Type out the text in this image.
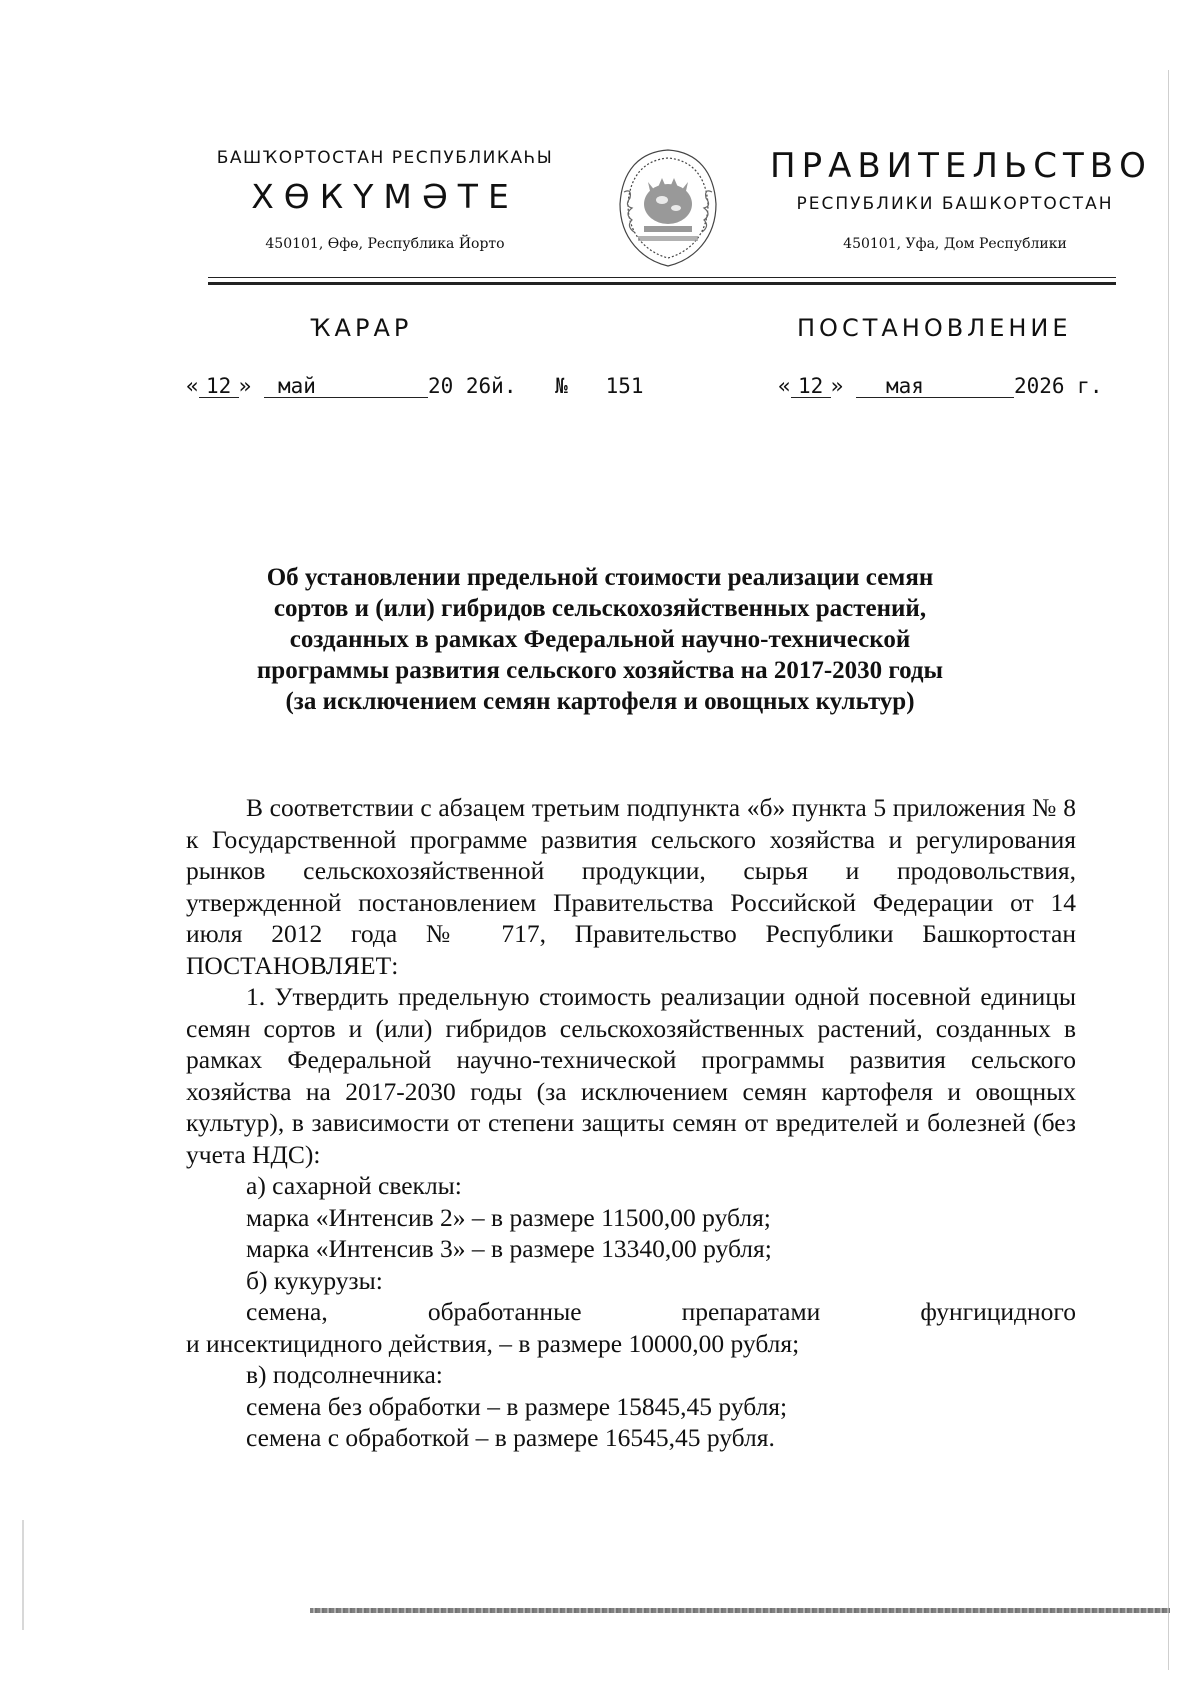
БАШҠОРТОСТАН РЕСПУБЛИКАҺЫ
ХӨКҮМӘТЕ
450101, Өфө, Республика Йорто
ПРАВИТЕЛЬСТВО
РЕСПУБЛИКИ БАШКОРТОСТАН
450101, Уфа, Дом Республики
ҠАРАР	ПОСТАНОВЛЕНИЕ
« 12 » май	20 26й. № 151	« 12 » мая	2026 г.
Об установлении предельной стоимости реализации семян
сортов и (или) гибридов сельскохозяйственных растений,
созданных в рамках Федеральной научно-технической
программы развития сельского хозяйства на 2017-2030 годы
(за исключением семян картофеля и овощных культур)

В соответствии с абзацем третьим подпункта «б» пункта 5 приложения № 8 к Государственной программе развития сельского хозяйства и регулирования рынков сельскохозяйственной продукции, сырья и продовольствия, утвержденной постановлением Правительства Российской Федерации от 14 июля 2012 года № 717, Правительство Республики Башкортостан ПОСТАНОВЛЯЕТ:

1. Утвердить предельную стоимость реализации одной посевной единицы семян сортов и (или) гибридов сельскохозяйственных растений, созданных в рамках Федеральной научно-технической программы развития сельского хозяйства на 2017-2030 годы (за исключением семян картофеля и овощных культур), в зависимости от степени защиты семян от вредителей и болезней (без учета НДС):

а) сахарной свеклы:

марка «Интенсив 2» – в размере 11500,00 рубля;

марка «Интенсив 3» – в размере 13340,00 рубля;

б) кукурузы:

семена, обработанные препаратами фунгицидного

и инсектицидного действия, – в размере 10000,00 рубля;

в) подсолнечника:

семена без обработки – в размере 15845,45 рубля;

семена с обработкой – в размере 16545,45 рубля.
